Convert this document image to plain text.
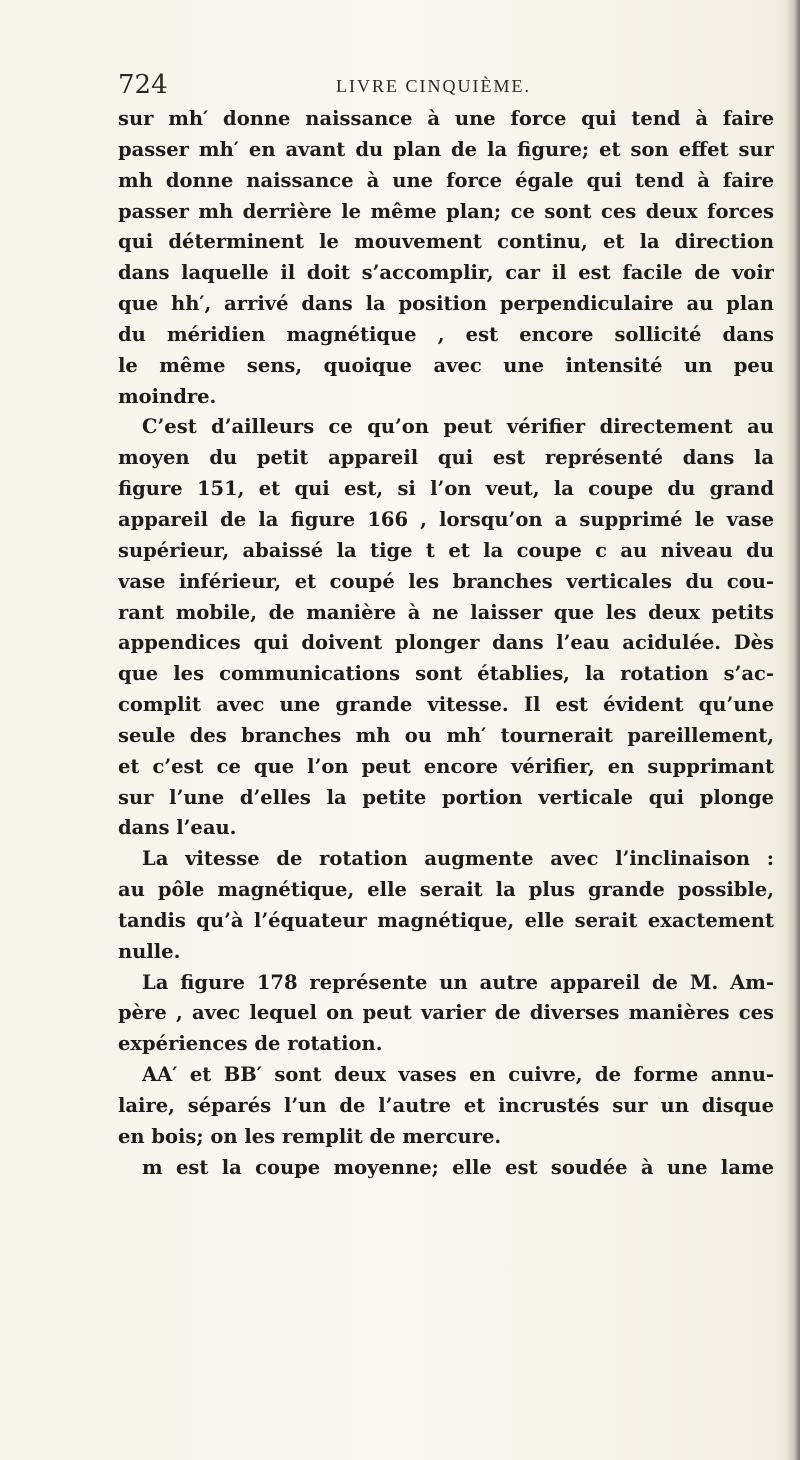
724	LIVRE CINQUIÈME.
sur mh′ donne naissance à une force qui tend à faire
passer mh′ en avant du plan de la figure; et son effet sur
mh donne naissance à une force égale qui tend à faire
passer mh derrière le même plan; ce sont ces deux forces
qui déterminent le mouvement continu, et la direction
dans laquelle il doit s’accomplir, car il est facile de voir
que hh′, arrivé dans la position perpendiculaire au plan
du méridien magnétique , est encore sollicité dans
le même sens, quoique avec une intensité un peu
moindre.
C’est d’ailleurs ce qu’on peut vérifier directement au
moyen du petit appareil qui est représenté dans la
figure 151, et qui est, si l’on veut, la coupe du grand
appareil de la figure 166 , lorsqu’on a supprimé le vase
supérieur, abaissé la tige t et la coupe c au niveau du
vase inférieur, et coupé les branches verticales du cou-
rant mobile, de manière à ne laisser que les deux petits
appendices qui doivent plonger dans l’eau acidulée. Dès
que les communications sont établies, la rotation s’ac-
complit avec une grande vitesse. Il est évident qu’une
seule des branches mh ou mh′ tournerait pareillement,
et c’est ce que l’on peut encore vérifier, en supprimant
sur l’une d’elles la petite portion verticale qui plonge
dans l’eau.
La vitesse de rotation augmente avec l’inclinaison :
au pôle magnétique, elle serait la plus grande possible,
tandis qu’à l’équateur magnétique, elle serait exactement
nulle.
La figure 178 représente un autre appareil de M. Am-
père , avec lequel on peut varier de diverses manières ces
expériences de rotation.
AA′ et BB′ sont deux vases en cuivre, de forme annu-
laire, séparés l’un de l’autre et incrustés sur un disque
en bois; on les remplit de mercure.
m est la coupe moyenne; elle est soudée à une lame
